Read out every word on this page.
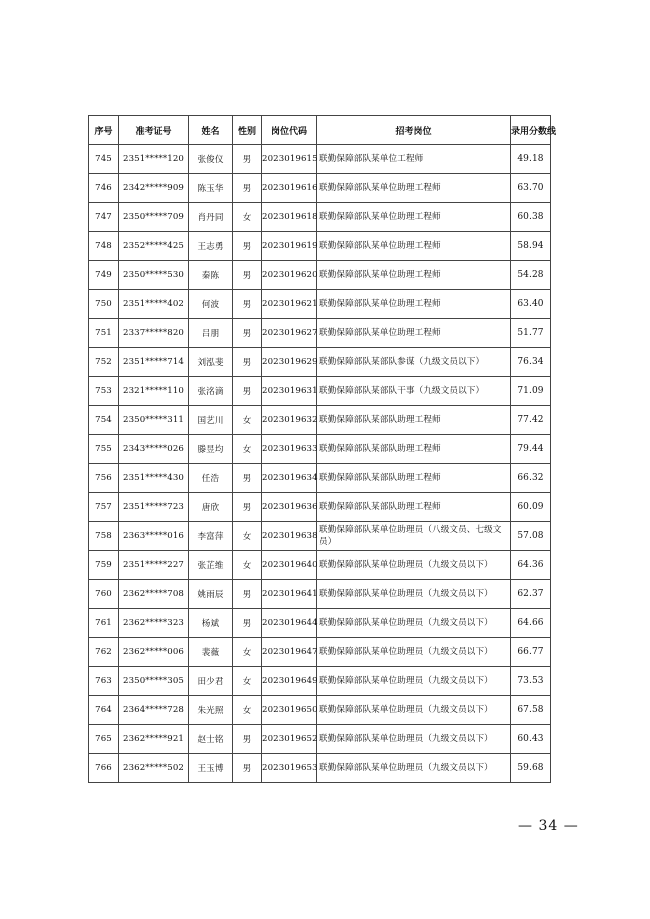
序号	准考证号	姓名	性别	岗位代码	招考岗位	录用分数线
745	2351*****120	张俊仪	男	2023019615	联勤保障部队某单位工程师	49.18
746	2342*****909	陈玉华	男	2023019616	联勤保障部队某单位助理工程师	63.70
747	2350*****709	肖丹同	女	2023019618	联勤保障部队某单位助理工程师	60.38
748	2352*****425	王志勇	男	2023019619	联勤保障部队某单位助理工程师	58.94
749	2350*****530	秦陈	男	2023019620	联勤保障部队某单位助理工程师	54.28
750	2351*****402	何波	男	2023019621	联勤保障部队某单位助理工程师	63.40
751	2337*****820	吕朋	男	2023019627	联勤保障部队某单位助理工程师	51.77
752	2351*****714	刘泓斐	男	2023019629	联勤保障部队某部队参谋（九级文员以下）	76.34
753	2321*****110	张洺滴	男	2023019631	联勤保障部队某部队干事（九级文员以下）	71.09
754	2350*****311	国艺川	女	2023019632	联勤保障部队某部队助理工程师	77.42
755	2343*****026	滕昱均	女	2023019633	联勤保障部队某部队助理工程师	79.44
756	2351*****430	任浩	男	2023019634	联勤保障部队某部队助理工程师	66.32
757	2351*****723	唐欣	男	2023019636	联勤保障部队某部队助理工程师	60.09
758	2363*****016	李富萍	女	2023019638	联勤保障部队某单位助理员（八级文员、七级文员）	57.08
759	2351*****227	张芷维	女	2023019640	联勤保障部队某单位助理员（九级文员以下）	64.36
760	2362*****708	姚雨辰	男	2023019641	联勤保障部队某单位助理员（九级文员以下）	62.37
761	2362*****323	杨斌	男	2023019644	联勤保障部队某单位助理员（九级文员以下）	64.66
762	2362*****006	裴薇	女	2023019647	联勤保障部队某单位助理员（九级文员以下）	66.77
763	2350*****305	田少君	女	2023019649	联勤保障部队某单位助理员（九级文员以下）	73.53
764	2364*****728	朱光照	女	2023019650	联勤保障部队某单位助理员（九级文员以下）	67.58
765	2362*****921	赵士铭	男	2023019652	联勤保障部队某单位助理员（九级文员以下）	60.43
766	2362*****502	王玉博	男	2023019653	联勤保障部队某单位助理员（九级文员以下）	59.68
— 34 —
